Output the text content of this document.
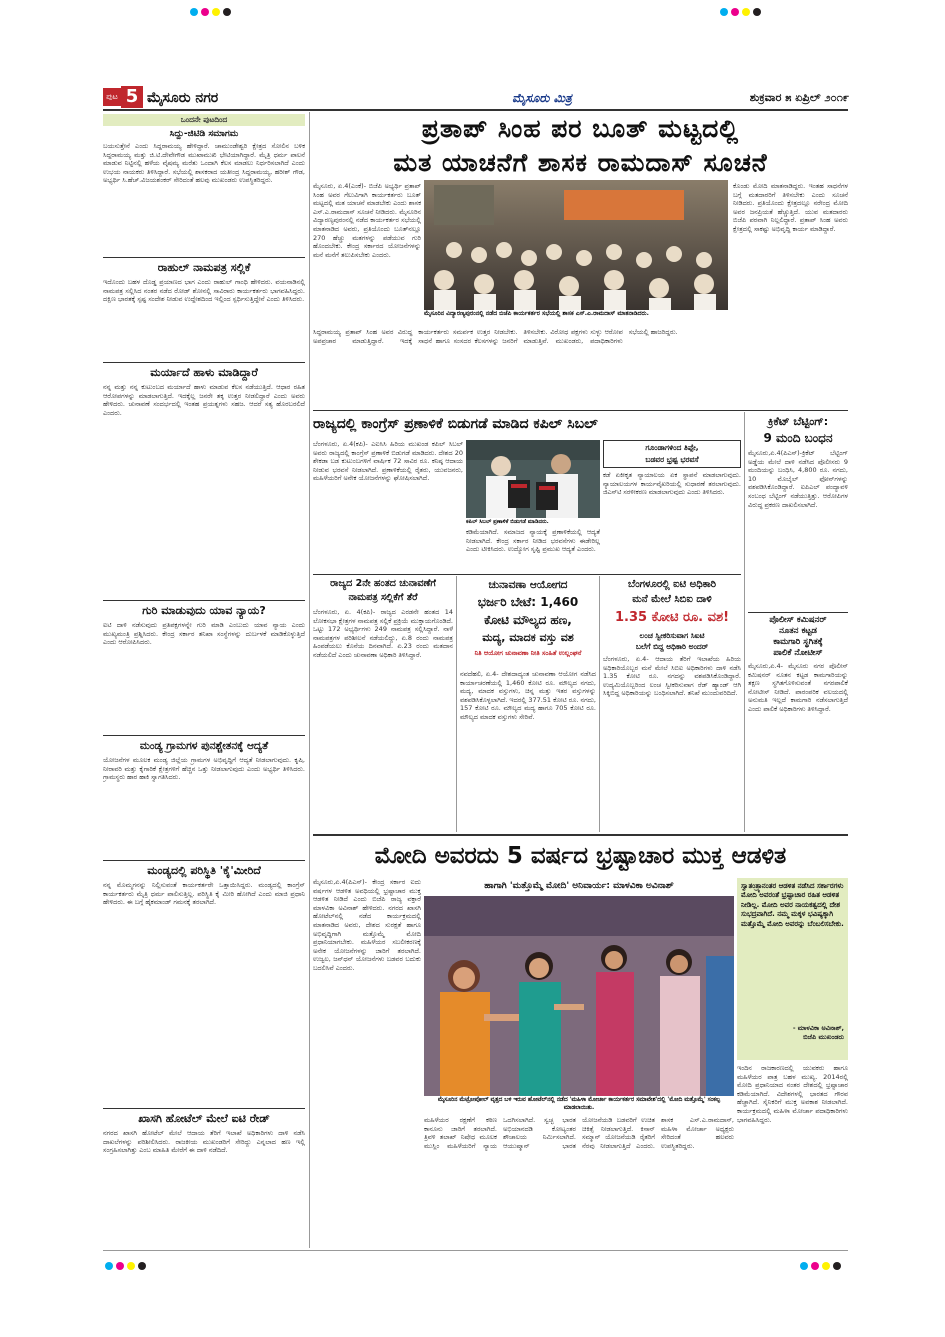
ಪುಟ 5 ಮೈಸೂರು ನಗರ	ಮೈಸೂರು ಮಿತ್ರ	ಶುಕ್ರವಾರ ೫ ಏಪ್ರಿಲ್ ೨೦೧೯
ಒಂದನೇ ಪುಟದಿಂದ
ಸಿದ್ದು-ಜಿಟಿಡಿ ಸಮಾಗಮ
ಬಯಸುತ್ತೇನೆ ಎಂದು ಸಿದ್ದರಾಮಯ್ಯ ಹೇಳಿದ್ದಾರೆ. ಚಾಮುಂಡೇಶ್ವರಿ ಕ್ಷೇತ್ರದ ಸೋಲಿನ ಬಳಿಕ ಸಿದ್ದರಾಮಯ್ಯ ಮತ್ತು ಜಿ.ಟಿ.ದೇವೇಗೌಡ ಮುಖಾಮುಖಿ ಭೇಟಿಯಾಗಿದ್ದಾರೆ. ಮೈತ್ರಿ ಧರ್ಮ ಪಾಲನೆ ಮಾಡುವ ನಿಟ್ಟಿನಲ್ಲಿ ಹಳೆಯ ವೈಷಮ್ಯ ಮರೆತು ಒಂದಾಗಿ ಕೆಲಸ ಮಾಡಲು ನಿರ್ಧರಿಸಲಾಗಿದೆ ಎಂದು ಉಭಯ ನಾಯಕರು ತಿಳಿಸಿದ್ದಾರೆ. ಸಭೆಯಲ್ಲಿ ಶಾಸಕರಾದ ಯತೀಂದ್ರ ಸಿದ್ದರಾಮಯ್ಯ, ಹರೀಶ್ ಗೌಡ, ಅಭ್ಯರ್ಥಿ ಸಿ.ಹೆಚ್.ವಿಜಯಶಂಕರ್ ಸೇರಿದಂತೆ ಹಲವು ಮುಖಂಡರು ಉಪಸ್ಥಿತರಿದ್ದರು.
ರಾಹುಲ್ ನಾಮಪತ್ರ ಸಲ್ಲಿಕೆ
ಇದೊಂದು ಬಹಳ ದೊಡ್ಡ ಪ್ರಯಾಣದ ಭಾಗ ಎಂದು ರಾಹುಲ್ ಗಾಂಧಿ ಹೇಳಿದರು. ವಯನಾಡಿನಲ್ಲಿ ನಾಮಪತ್ರ ಸಲ್ಲಿಸಿದ ನಂತರ ನಡೆದ ರೋಡ್ ಶೋನಲ್ಲಿ ಸಾವಿರಾರು ಕಾರ್ಯಕರ್ತರು ಭಾಗವಹಿಸಿದ್ದರು. ದಕ್ಷಿಣ ಭಾರತಕ್ಕೆ ಸ್ಪಷ್ಟ ಸಂದೇಶ ನೀಡುವ ಉದ್ದೇಶದಿಂದ ಇಲ್ಲಿಂದ ಸ್ಪರ್ಧಿಸುತ್ತಿದ್ದೇನೆ ಎಂದು ತಿಳಿಸಿದರು.
ಮರ್ಯಾದೆ ಹಾಳು ಮಾಡಿದ್ದಾರೆ
ನನ್ನ ಮತ್ತು ನನ್ನ ಕುಟುಂಬದ ಮರ್ಯಾದೆ ಹಾಳು ಮಾಡುವ ಕೆಲಸ ನಡೆಯುತ್ತಿದೆ. ಆಧಾರ ರಹಿತ ಆರೋಪಗಳನ್ನು ಮಾಡಲಾಗುತ್ತಿದೆ. ಇದಕ್ಕೆಲ್ಲ ಜನರೇ ತಕ್ಕ ಉತ್ತರ ನೀಡಲಿದ್ದಾರೆ ಎಂದು ಅವರು ಹೇಳಿದರು. ಚುನಾವಣೆ ಸಂದರ್ಭದಲ್ಲಿ ಇಂತಹ ಪ್ರಯತ್ನಗಳು ಸಹಜ. ಆದರೆ ಸತ್ಯ ಹೊರಬರಲಿದೆ ಎಂದರು.
ಗುರಿ ಮಾಡುವುದು ಯಾವ ನ್ಯಾಯ?
ಐಟಿ ದಾಳಿ ನಡೆಸುವುದು ಪ್ರತಿಪಕ್ಷಗಳನ್ನೇ ಗುರಿ ಮಾಡಿ ಎಂಬುದು ಯಾವ ನ್ಯಾಯ ಎಂದು ಮುಖ್ಯಮಂತ್ರಿ ಪ್ರಶ್ನಿಸಿದರು. ಕೇಂದ್ರ ಸರ್ಕಾರ ತನಿಖಾ ಸಂಸ್ಥೆಗಳನ್ನು ದುರ್ಬಳಕೆ ಮಾಡಿಕೊಳ್ಳುತ್ತಿದೆ ಎಂದು ಆರೋಪಿಸಿದರು.
ಮಂಡ್ಯ ಗ್ರಾಮಗಳ ಪುನಶ್ಚೇತನಕ್ಕೆ ಆದ್ಯತೆ
ಯೋಜನೆಗಳ ಮೂಲಕ ಮಂಡ್ಯ ಜಿಲ್ಲೆಯ ಗ್ರಾಮಗಳ ಅಭಿವೃದ್ಧಿಗೆ ಆದ್ಯತೆ ನೀಡಲಾಗುವುದು. ಕೃಷಿ, ನೀರಾವರಿ ಮತ್ತು ಕೈಗಾರಿಕೆ ಕ್ಷೇತ್ರಗಳಿಗೆ ಹೆಚ್ಚಿನ ಒತ್ತು ನೀಡಲಾಗುವುದು ಎಂದು ಅಭ್ಯರ್ಥಿ ತಿಳಿಸಿದರು. ಗ್ರಾಮಸ್ಥರು ಹಾರ ಹಾಕಿ ಸ್ವಾಗತಿಸಿದರು.
ಮಂಡ್ಯದಲ್ಲಿ ಪರಿಸ್ಥಿತಿ 'ಕೈ'ಮೀರಿದೆ
ನನ್ನ ಮೊಮ್ಮಗನನ್ನು ನಿಲ್ಲಿಸುವಂತೆ ಕಾರ್ಯಕರ್ತರೇ ಒತ್ತಾಯಿಸಿದ್ದರು. ಮಂಡ್ಯದಲ್ಲಿ ಕಾಂಗ್ರೆಸ್ ಕಾರ್ಯಕರ್ತರು ಮೈತ್ರಿ ಧರ್ಮ ಪಾಲಿಸುತ್ತಿಲ್ಲ. ಪರಿಸ್ಥಿತಿ ಕೈ ಮೀರಿ ಹೋಗಿದೆ ಎಂದು ಮಾಜಿ ಪ್ರಧಾನಿ ಹೇಳಿದರು. ಈ ಬಗ್ಗೆ ಹೈಕಮಾಂಡ್ ಗಮನಕ್ಕೆ ತರಲಾಗಿದೆ.
ಖಾಸಗಿ ಹೋಟೆಲ್ ಮೇಲೆ ಐಟಿ ರೇಡ್
ನಗರದ ಖಾಸಗಿ ಹೋಟೆಲ್ ಮೇಲೆ ಆದಾಯ ತೆರಿಗೆ ಇಲಾಖೆ ಅಧಿಕಾರಿಗಳು ದಾಳಿ ನಡೆಸಿ ದಾಖಲೆಗಳನ್ನು ಪರಿಶೀಲಿಸಿದರು. ರಾಜಕೀಯ ಮುಖಂಡರಿಗೆ ಸೇರಿದ್ದು ಎನ್ನಲಾದ ಹಣ ಇಲ್ಲಿ ಸಂಗ್ರಹಿಸಲಾಗಿತ್ತು ಎಂಬ ಮಾಹಿತಿ ಮೇರೆಗೆ ಈ ದಾಳಿ ನಡೆದಿದೆ.
ಪ್ರತಾಪ್ ಸಿಂಹ ಪರ ಬೂತ್ ಮಟ್ಟದಲ್ಲಿ
ಮತ ಯಾಚನೆಗೆ ಶಾಸಕ ರಾಮದಾಸ್ ಸೂಚನೆ
ಮೈಸೂರು, ಏ.4(ಎಂಕೆ)- ಬಿಜೆಪಿ ಅಭ್ಯರ್ಥಿ ಪ್ರತಾಪ್ ಸಿಂಹ ಅವರ ಗೆಲುವಿಗಾಗಿ ಕಾರ್ಯಕರ್ತರು ಬೂತ್ ಮಟ್ಟದಲ್ಲಿ ಮತ ಯಾಚನೆ ಮಾಡಬೇಕು ಎಂದು ಶಾಸಕ ಎಸ್.ಎ.ರಾಮದಾಸ್ ಸೂಚನೆ ನೀಡಿದರು. ಮೈಸೂರಿನ ವಿದ್ಯಾರಣ್ಯಪುರಂನಲ್ಲಿ ನಡೆದ ಕಾರ್ಯಕರ್ತರ ಸಭೆಯಲ್ಲಿ ಮಾತನಾಡಿದ ಅವರು, ಪ್ರತಿಯೊಂದು ಬೂತ್‌ನಲ್ಲೂ 270 ಹೆಚ್ಚು ಮತಗಳನ್ನು ಪಡೆಯುವ ಗುರಿ ಹೊಂದಬೇಕು. ಕೇಂದ್ರ ಸರ್ಕಾರದ ಯೋಜನೆಗಳನ್ನು ಮನೆ ಮನೆಗೆ ತಲುಪಿಸಬೇಕು ಎಂದರು.
ಮೈಸೂರಿನ ವಿದ್ಯಾರಣ್ಯಪುರಂನಲ್ಲಿ ನಡೆದ ಬಿಜೆಪಿ ಕಾರ್ಯಕರ್ತರ ಸಭೆಯಲ್ಲಿ ಶಾಸಕ ಎಸ್.ಎ.ರಾಮದಾಸ್ ಮಾತನಾಡಿದರು.
ಕೊಂಡು ಮೋದಿ ಮಾತನಾಡಿದ್ದರು. ಇಂತಹ ಸಾಧನೆಗಳ ಬಗ್ಗೆ ಮತದಾರರಿಗೆ ತಿಳಿಸಬೇಕು ಎಂದು ಸೂಚನೆ ನೀಡಿದರು. ಪ್ರತಿಯೊಂದು ಕ್ಷೇತ್ರದಲ್ಲೂ ನರೇಂದ್ರ ಮೋದಿ ಅವರ ಜನಪ್ರಿಯತೆ ಹೆಚ್ಚುತ್ತಿದೆ. ಯುವ ಮತದಾರರು ಬಿಜೆಪಿ ಪರವಾಗಿ ನಿಲ್ಲಲಿದ್ದಾರೆ. ಪ್ರತಾಪ್ ಸಿಂಹ ಅವರು ಕ್ಷೇತ್ರದಲ್ಲಿ ಸಾಕಷ್ಟು ಅಭಿವೃದ್ಧಿ ಕಾರ್ಯ ಮಾಡಿದ್ದಾರೆ.
ಸಿದ್ಧರಾಮಯ್ಯ ಪ್ರತಾಪ್ ಸಿಂಹ ಅವರ ವಿರುದ್ಧ ಅಪಪ್ರಚಾರ ಮಾಡುತ್ತಿದ್ದಾರೆ. ಇದಕ್ಕೆ ಕಾರ್ಯಕರ್ತರು ಸಮರ್ಪಕ ಉತ್ತರ ನೀಡಬೇಕು. ಸಾಧನೆ ಹಾಗೂ ಸಂಸದರ ಕೆಲಸಗಳನ್ನು ಜನರಿಗೆ ತಿಳಿಸಬೇಕು. ವಿರೋಧ ಪಕ್ಷಗಳು ಸುಳ್ಳು ಆರೋಪ ಮಾಡುತ್ತಿವೆ. ಮುಖಂಡರು, ಪದಾಧಿಕಾರಿಗಳು ಸಭೆಯಲ್ಲಿ ಹಾಜರಿದ್ದರು.
ರಾಜ್ಯದಲ್ಲಿ ಕಾಂಗ್ರೆಸ್ ಪ್ರಣಾಳಿಕೆ ಬಿಡುಗಡೆ ಮಾಡಿದ ಕಪಿಲ್ ಸಿಬಲ್
ಬೆಂಗಳೂರು, ಏ.4(ಕಪಿ)- ಎಐಸಿಸಿ ಹಿರಿಯ ಮುಖಂಡ ಕಪಿಲ್ ಸಿಬಲ್ ಅವರು ರಾಜ್ಯದಲ್ಲಿ ಕಾಂಗ್ರೆಸ್ ಪ್ರಣಾಳಿಕೆ ಬಿಡುಗಡೆ ಮಾಡಿದರು. ದೇಶದ 20 ಶೇಕಡಾ ಬಡ ಕುಟುಂಬಗಳಿಗೆ ವಾರ್ಷಿಕ 72 ಸಾವಿರ ರೂ. ಕನಿಷ್ಠ ಆದಾಯ ನೀಡುವ ಭರವಸೆ ನೀಡಲಾಗಿದೆ. ಪ್ರಣಾಳಿಕೆಯಲ್ಲಿ ರೈತರು, ಯುವಜನರು, ಮಹಿಳೆಯರಿಗೆ ಅನೇಕ ಯೋಜನೆಗಳನ್ನು ಘೋಷಿಸಲಾಗಿದೆ.
ಕಪಿಲ್ ಸಿಬಲ್ ಪ್ರಣಾಳಿಕೆ ಬಿಡುಗಡೆ ಮಾಡಿದರು.
ಕಡಿಮೆಯಾಗಿದೆ. ಸಮಾಜದ ನ್ಯಾಯಕ್ಕೆ ಪ್ರಣಾಳಿಕೆಯಲ್ಲಿ ಆದ್ಯತೆ ನೀಡಲಾಗಿದೆ. ಕೇಂದ್ರ ಸರ್ಕಾರ ನೀಡಿದ ಭರವಸೆಗಳು ಈಡೇರಿಲ್ಲ ಎಂದು ಟೀಕಿಸಿದರು. ಉದ್ಯೋಗ ಸೃಷ್ಟಿ ಪ್ರಮುಖ ಆದ್ಯತೆ ಎಂದರು.
ಗೂಂಡಾಗಳಿಂದ ತಿಪ್ಪೇ,
ಬಡವರ ಭ್ರಷ್ಟ ಭರವಸೆ
ಕಡೆ ಏಕೀಕೃತ ನ್ಯಾಯಾಲಯ ಏಕ ಸ್ಥಾಪನೆ ಮಾಡಲಾಗುವುದು. ನ್ಯಾಯಾಲಯಗಳ ಕಾರ್ಯವೈಖರಿಯಲ್ಲಿ ಸುಧಾರಣೆ ತರಲಾಗುವುದು. ಜಿಎಸ್‌ಟಿ ಸರಳೀಕರಣ ಮಾಡಲಾಗುವುದು ಎಂದು ತಿಳಿಸಿದರು.
ಕ್ರಿಕೆಟ್ ಬೆಟ್ಟಿಂಗ್:
9 ಮಂದಿ ಬಂಧನ
ಮೈಸೂರು,ಏ.4(ಪಿಎಸ್)-ಕ್ರಿಕೆಟ್ ಬೆಟ್ಟಿಂಗ್ ಅಡ್ಡೆಯ ಮೇಲೆ ದಾಳಿ ನಡೆಸಿದ ಪೊಲೀಸರು 9 ಮಂದಿಯನ್ನು ಬಂಧಿಸಿ, 4,800 ರೂ. ನಗದು, 10 ಮೊಬೈಲ್ ಫೋನ್‌ಗಳನ್ನು ವಶಪಡಿಸಿಕೊಂಡಿದ್ದಾರೆ. ಐಪಿಎಲ್ ಪಂದ್ಯಾವಳಿ ಸಂಬಂಧ ಬೆಟ್ಟಿಂಗ್ ನಡೆಯುತ್ತಿತ್ತು. ಆರೋಪಿಗಳ ವಿರುದ್ಧ ಪ್ರಕರಣ ದಾಖಲಿಸಲಾಗಿದೆ.
ಪೊಲೀಸ್ ಕಮಿಷನರ್
ನೂತನ ಕಟ್ಟಡ
ಕಾಮಗಾರಿ ಸ್ಥಗಿತಕ್ಕೆ
ಪಾಲಿಕೆ ನೋಟೀಸ್
ಮೈಸೂರು,ಏ.4- ಮೈಸೂರು ನಗರ ಪೊಲೀಸ್ ಕಮಿಷನರ್ ನೂತನ ಕಟ್ಟಡ ಕಾಮಗಾರಿಯನ್ನು ತಕ್ಷಣ ಸ್ಥಗಿತಗೊಳಿಸುವಂತೆ ನಗರಪಾಲಿಕೆ ನೋಟೀಸ್ ನೀಡಿದೆ. ಪಾರಂಪರಿಕ ವಲಯದಲ್ಲಿ ಅನುಮತಿ ಇಲ್ಲದೆ ಕಾಮಗಾರಿ ನಡೆಸಲಾಗುತ್ತಿದೆ ಎಂದು ಪಾಲಿಕೆ ಅಧಿಕಾರಿಗಳು ತಿಳಿಸಿದ್ದಾರೆ.
ರಾಜ್ಯದ 2ನೇ ಹಂತದ ಚುನಾವಣೆಗೆ
ನಾಮಪತ್ರ ಸಲ್ಲಿಕೆಗೆ ತೆರೆ
ಬೆಂಗಳೂರು, ಏ. 4(ಕಪಿ)- ರಾಜ್ಯದ ಎರಡನೇ ಹಂತದ 14 ಲೋಕಸಭಾ ಕ್ಷೇತ್ರಗಳ ನಾಮಪತ್ರ ಸಲ್ಲಿಕೆ ಪ್ರಕ್ರಿಯೆ ಮುಕ್ತಾಯಗೊಂಡಿದೆ. ಒಟ್ಟು 172 ಅಭ್ಯರ್ಥಿಗಳು 249 ನಾಮಪತ್ರ ಸಲ್ಲಿಸಿದ್ದಾರೆ. ನಾಳೆ ನಾಮಪತ್ರಗಳ ಪರಿಶೀಲನೆ ನಡೆಯಲಿದ್ದು, ಏ.8 ರಂದು ನಾಮಪತ್ರ ಹಿಂಪಡೆಯಲು ಕೊನೆಯ ದಿನವಾಗಿದೆ. ಏ.23 ರಂದು ಮತದಾನ ನಡೆಯಲಿದೆ ಎಂದು ಚುನಾವಣಾ ಅಧಿಕಾರಿ ತಿಳಿಸಿದ್ದಾರೆ.
ಚುನಾವಣಾ ಆಯೋಗದ
ಭರ್ಜರಿ ಬೇಟೆ: 1,460
ಕೋಟಿ ಮೌಲ್ಯದ ಹಣ,
ಮದ್ಯ, ಮಾದಕ ವಸ್ತು ವಶ
ನಿತಿ ಆಯೋಗ ಚುನಾವಣಾ ನೀತಿ ಸಂಹಿತೆ ಉಲ್ಲಂಘನೆ
ನವದೆಹಲಿ, ಏ.4- ದೇಶದಾದ್ಯಂತ ಚುನಾವಣಾ ಆಯೋಗ ನಡೆಸಿದ ಕಾರ್ಯಾಚರಣೆಯಲ್ಲಿ 1,460 ಕೋಟಿ ರೂ. ಮೌಲ್ಯದ ನಗದು, ಮದ್ಯ, ಮಾದಕ ವಸ್ತುಗಳು, ಚಿನ್ನ ಮತ್ತು ಇತರ ವಸ್ತುಗಳನ್ನು ವಶಪಡಿಸಿಕೊಳ್ಳಲಾಗಿದೆ. ಇದರಲ್ಲಿ 377.51 ಕೋಟಿ ರೂ. ನಗದು, 157 ಕೋಟಿ ರೂ. ಮೌಲ್ಯದ ಮದ್ಯ ಹಾಗೂ 705 ಕೋಟಿ ರೂ. ಮೌಲ್ಯದ ಮಾದಕ ವಸ್ತುಗಳು ಸೇರಿವೆ.
ಬೆಂಗಳೂರಲ್ಲಿ ಐಟಿ ಅಧಿಕಾರಿ
ಮನೆ ಮೇಲೆ ಸಿಬಿಐ ದಾಳಿ
1.35 ಕೋಟಿ ರೂ. ವಶ!
ಲಂಚ ಸ್ವೀಕರಿಸುವಾಗ ಸಿಐಟಿ
ಬಲೆಗೆ ಬಿದ್ದ ಅಧಿಕಾರಿ ಅಂದರ್
ಬೆಂಗಳೂರು, ಏ.4- ಆದಾಯ ತೆರಿಗೆ ಇಲಾಖೆಯ ಹಿರಿಯ ಅಧಿಕಾರಿಯೊಬ್ಬರ ಮನೆ ಮೇಲೆ ಸಿಬಿಐ ಅಧಿಕಾರಿಗಳು ದಾಳಿ ನಡೆಸಿ 1.35 ಕೋಟಿ ರೂ. ನಗದನ್ನು ವಶಪಡಿಸಿಕೊಂಡಿದ್ದಾರೆ. ಉದ್ಯಮಿಯೊಬ್ಬರಿಂದ ಲಂಚ ಸ್ವೀಕರಿಸುವಾಗ ರೆಡ್ ಹ್ಯಾಂಡ್ ಆಗಿ ಸಿಕ್ಕಿಬಿದ್ದ ಅಧಿಕಾರಿಯನ್ನು ಬಂಧಿಸಲಾಗಿದೆ. ತನಿಖೆ ಮುಂದುವರಿದಿದೆ.
ಮೋದಿ ಅವರದು 5 ವರ್ಷದ ಭ್ರಷ್ಟಾಚಾರ ಮುಕ್ತ ಆಡಳಿತ
ಮೈಸೂರು,ಏ.4(ಪಿಎಸ್)- ಕೇಂದ್ರ ಸರ್ಕಾರ ಐದು ವರ್ಷಗಳ ಆಡಳಿತ ಅವಧಿಯಲ್ಲಿ ಭ್ರಷ್ಟಾಚಾರ ಮುಕ್ತ ಆಡಳಿತ ನೀಡಿದೆ ಎಂದು ಬಿಜೆಪಿ ರಾಜ್ಯ ವಕ್ತಾರೆ ಮಾಳವಿಕಾ ಅವಿನಾಶ್ ಹೇಳಿದರು. ನಗರದ ಖಾಸಗಿ ಹೋಟೆಲ್‌ನಲ್ಲಿ ನಡೆದ ಕಾರ್ಯಕ್ರಮದಲ್ಲಿ ಮಾತನಾಡಿದ ಅವರು, ದೇಶದ ಸುರಕ್ಷತೆ ಹಾಗೂ ಅಭಿವೃದ್ಧಿಗಾಗಿ ಮತ್ತೊಮ್ಮೆ ಮೋದಿ ಪ್ರಧಾನಿಯಾಗಬೇಕು. ಮಹಿಳೆಯರ ಸಬಲೀಕರಣಕ್ಕೆ ಅನೇಕ ಯೋಜನೆಗಳನ್ನು ಜಾರಿಗೆ ತರಲಾಗಿದೆ. ಉಜ್ವಲ, ಜನ್‌ಧನ್ ಯೋಜನೆಗಳು ಬಡವರ ಬದುಕು ಬದಲಿಸಿವೆ ಎಂದರು.
ಹಾಗಾಗಿ 'ಮತ್ತೊಮ್ಮೆ ಮೋದಿ' ಅನಿವಾರ್ಯ: ಮಾಳವಿಕಾ ಅವಿನಾಶ್
ಮೈಸೂರಿನ ಮೆಟ್ರೋಪೋಲ್ ವೃತ್ತದ ಬಳಿ ಇರುವ ಹೋಟೆಲ್‌ನಲ್ಲಿ ನಡೆದ 'ಮಹಿಳಾ ಮೋರ್ಚಾ ಕಾರ್ಯಕರ್ತರ ಸಮಾವೇಶ'ದಲ್ಲಿ 'ಮೋದಿ ಮತ್ತೊಮ್ಮೆ' ಸಂಕಲ್ಪ ಮಾಡಲಾಯಿತು.
ಸ್ವಾತಂತ್ರ್ಯಾನಂತರ ಆಡಳಿತ ನಡೆಸಿದ ಸರ್ಕಾರಗಳು ಮೋದಿ ಅವರಂತೆ ಭ್ರಷ್ಟಾಚಾರ ರಹಿತ ಆಡಳಿತ ನೀಡಿಲ್ಲ. ಮೋದಿ ಅವರ ನಾಯಕತ್ವದಲ್ಲಿ ದೇಶ ಸುಭದ್ರವಾಗಿದೆ. ನಮ್ಮ ಮಕ್ಕಳ ಭವಿಷ್ಯಕ್ಕಾಗಿ ಮತ್ತೊಮ್ಮೆ ಮೋದಿ ಅವರನ್ನು ಬೆಂಬಲಿಸಬೇಕು.
- ಮಾಳವಿಕಾ ಅವಿನಾಶ್,
ಬಿಜೆಪಿ ಮುಖಂಡರು
ಇಂದಿನ ರಾಜಕಾರಣದಲ್ಲಿ ಯುವಕರು ಹಾಗೂ ಮಹಿಳೆಯರ ಪಾತ್ರ ಬಹಳ ಮುಖ್ಯ. 2014ರಲ್ಲಿ ಮೋದಿ ಪ್ರಧಾನಿಯಾದ ನಂತರ ದೇಶದಲ್ಲಿ ಭ್ರಷ್ಟಾಚಾರ ಕಡಿಮೆಯಾಗಿದೆ. ವಿದೇಶಗಳಲ್ಲಿ ಭಾರತದ ಗೌರವ ಹೆಚ್ಚಾಗಿದೆ. ಸೈನಿಕರಿಗೆ ಮುಕ್ತ ಅವಕಾಶ ನೀಡಲಾಗಿದೆ. ಕಾರ್ಯಕ್ರಮದಲ್ಲಿ ಮಹಿಳಾ ಮೋರ್ಚಾ ಪದಾಧಿಕಾರಿಗಳು ಭಾಗವಹಿಸಿದ್ದರು.
ಮಹಿಳೆಯರ ರಕ್ಷಣೆಗೆ ಕಠಿಣ ಕಾನೂನು ಜಾರಿಗೆ ತರಲಾಗಿದೆ. ತ್ರಿವಳಿ ತಲಾಖ್ ನಿಷೇಧ ಮೂಲಕ ಮುಸ್ಲಿಂ ಮಹಿಳೆಯರಿಗೆ ನ್ಯಾಯ ಒದಗಿಸಲಾಗಿದೆ. ಸ್ವಚ್ಛ ಭಾರತ ಅಭಿಯಾನದಡಿ ಕೋಟ್ಯಂತರ ಶೌಚಾಲಯ ನಿರ್ಮಿಸಲಾಗಿದೆ. ಆಯುಷ್ಮಾನ್ ಭಾರತ ಯೋಜನೆಯಡಿ ಬಡವರಿಗೆ ಉಚಿತ ಚಿಕಿತ್ಸೆ ನೀಡಲಾಗುತ್ತಿದೆ. ಕಿಸಾನ್ ಸಮ್ಮಾನ್ ಯೋಜನೆಯಡಿ ರೈತರಿಗೆ ನೆರವು ನೀಡಲಾಗುತ್ತಿದೆ ಎಂದರು. ಶಾಸಕ ಎಸ್.ಎ.ರಾಮದಾಸ್, ಮಹಿಳಾ ಮೋರ್ಚಾ ಅಧ್ಯಕ್ಷರು ಸೇರಿದಂತೆ ಹಲವರು ಉಪಸ್ಥಿತರಿದ್ದರು.
